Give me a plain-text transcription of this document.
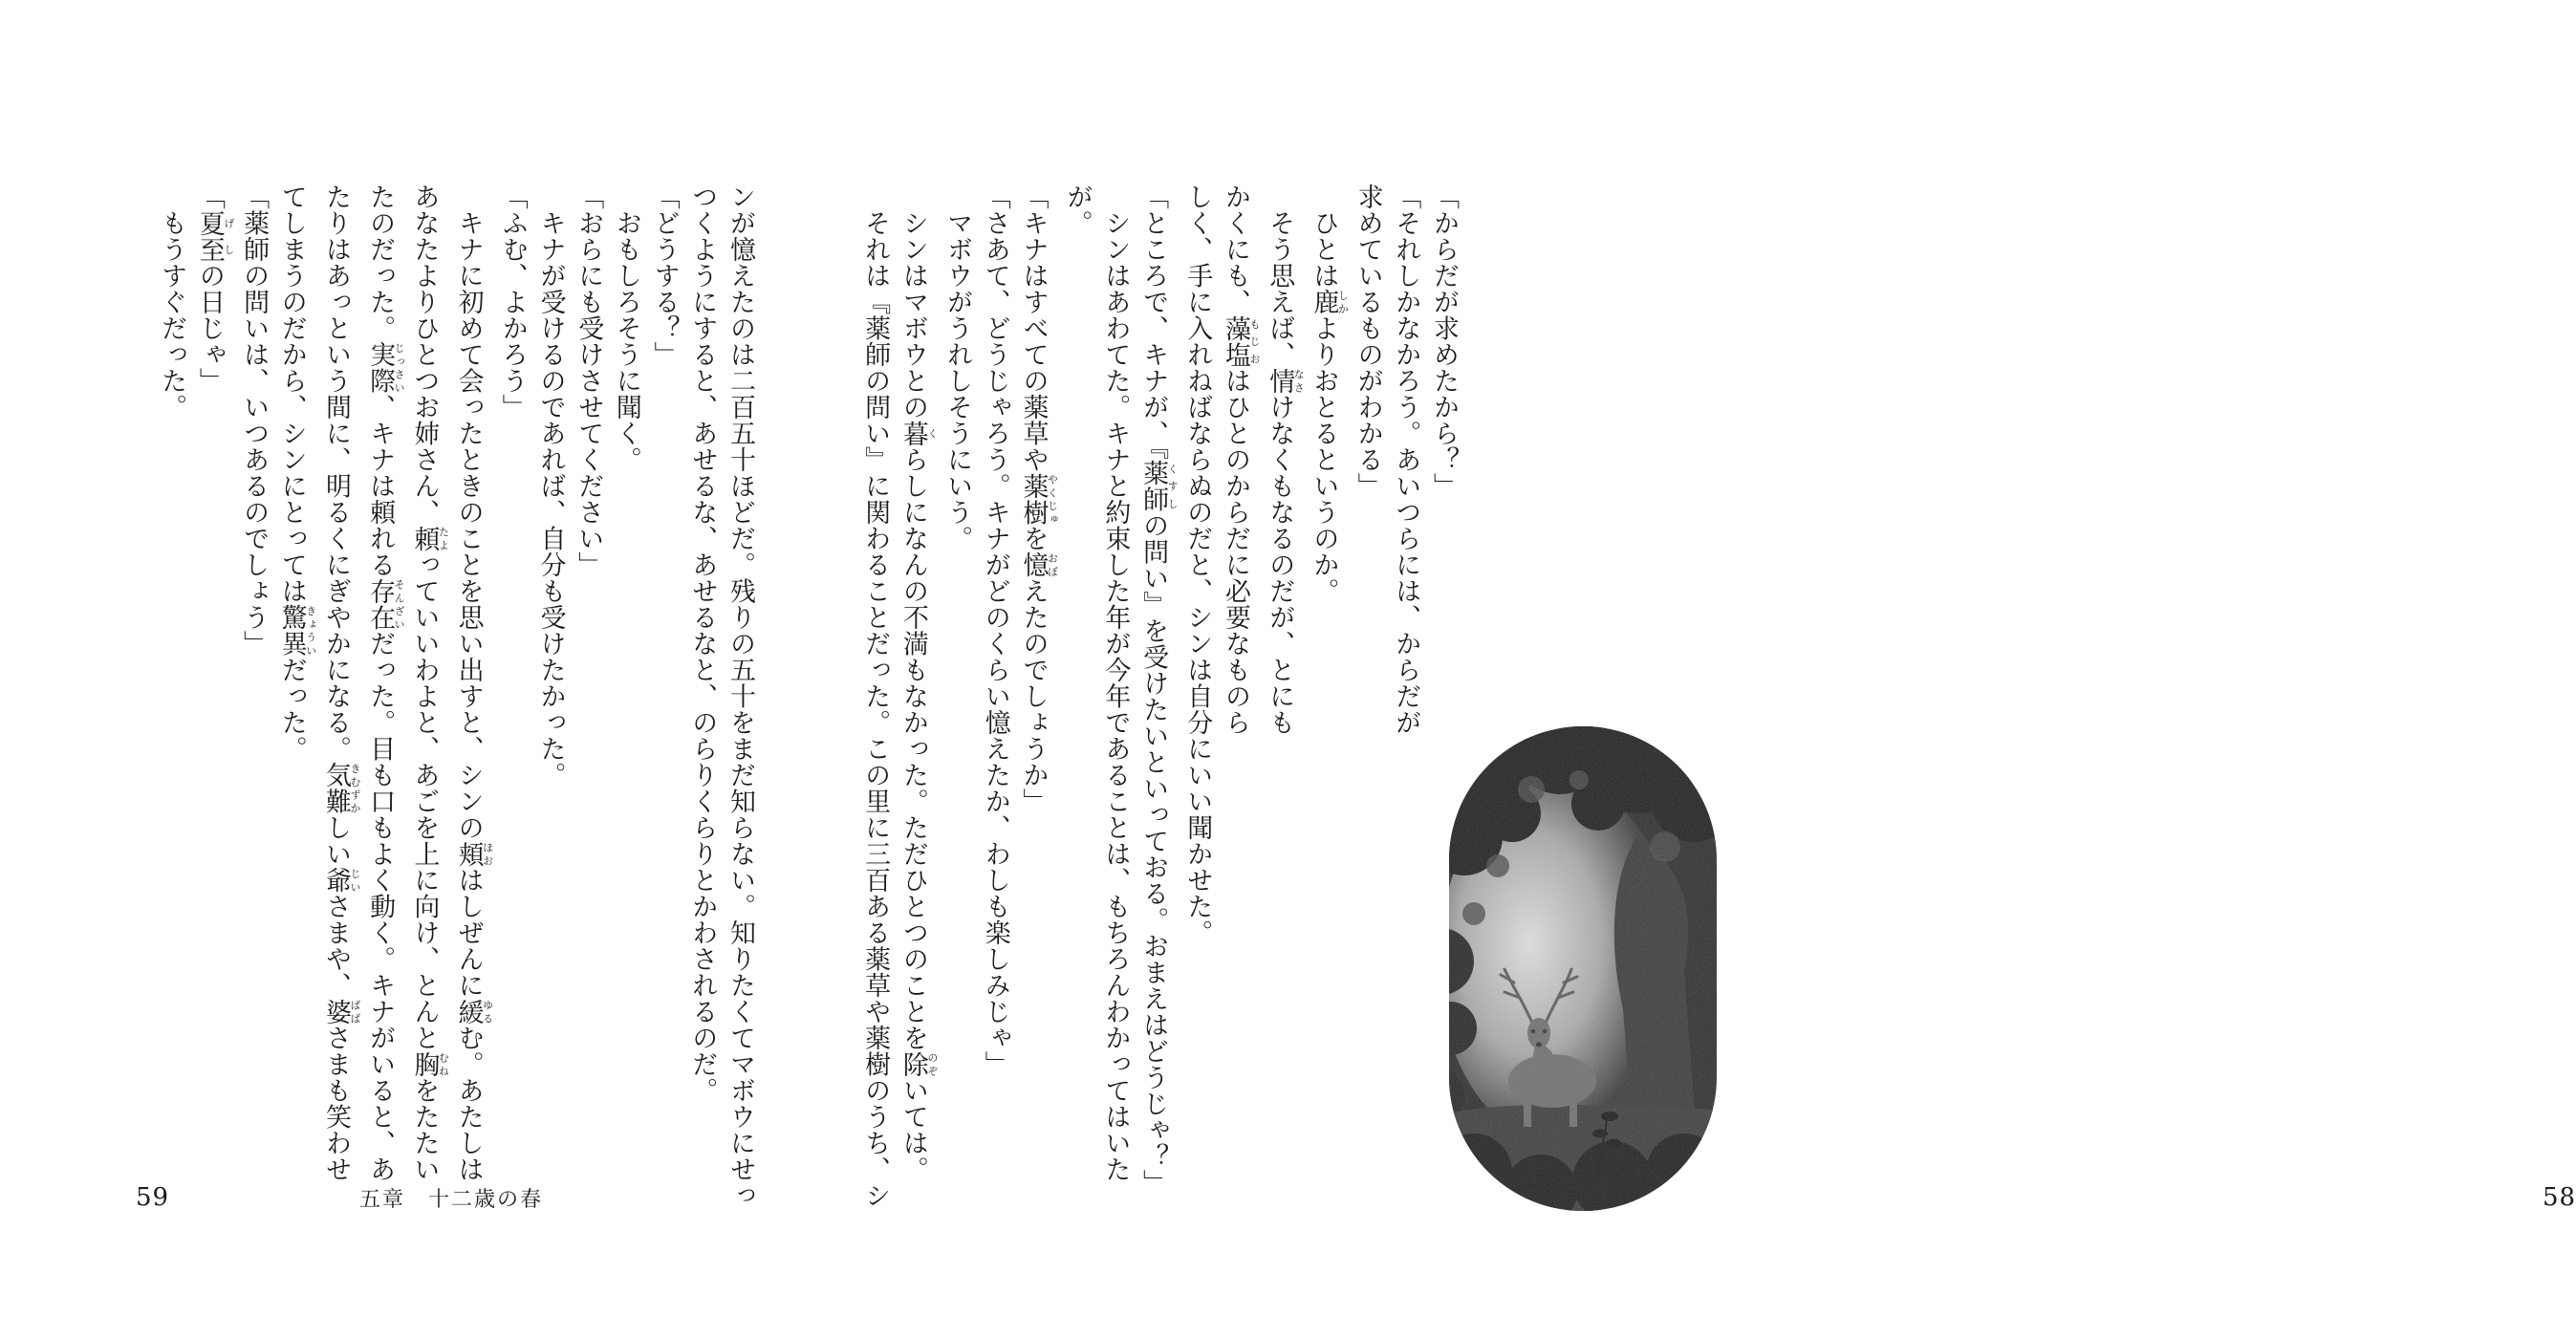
ンが憶えたのは二百五十ほどだ。残りの五十をまだ知らない。知りたくてマボウにせっ
つくようにすると、あせるな、あせるなと、のらりくらりとかわされるのだ。
「どうする？」
　おもしろそうに聞く。
「おらにも受けさせてください」
　キナが受けるのであれば、自分も受けたかった。
「ふむ、よかろう」
　キナに初めて会ったときのことを思い出すと、シンの頬ほおはしぜんに緩ゆるむ。あたしは
あなたよりひとつお姉さん、頼たよっていいわよと、あごを上に向け、とんと胸むねをたたい
たのだった。実際じっさい、キナは頼れる存在そんざいだった。目も口もよく動く。キナがいると、あ
たりはあっという間に、明るくにぎやかになる。気難きむずかしい爺じいさまや、婆ばばさまも笑わせ
てしまうのだから、シンにとっては驚異きょういだった。
「薬師の問いは、いつあるのでしょう」
「夏至げしの日じゃ」
　もうすぐだった。
59	五章　十二歳の春
「からだが求めたから？」
「それしかなかろう。あいつらには、からだが
求めているものがわかる」
　ひとは鹿しかよりおとるというのか。
　そう思えば、情なさけなくもなるのだが、とにも
かくにも、藻塩もじおはひとのからだに必要なものら
しく、手に入れねばならぬのだと、シンは自分にいい聞かせた。
「ところで、キナが、『薬師くすしの問い』を受けたいといっておる。おまえはどうじゃ？」
　シンはあわてた。キナと約束した年が今年であることは、もちろんわかってはいた
が。
「キナはすべての薬草や薬樹やくじゅを憶おぼえたのでしょうか」
「さあて、どうじゃろう。キナがどのくらい憶えたか、わしも楽しみじゃ」
　マボウがうれしそうにいう。
　シンはマボウとの暮くらしになんの不満もなかった。ただひとつのことを除のぞいては。
　それは『薬師の問い』に関わることだった。この里に三百ある薬草や薬樹のうち、シ	58
